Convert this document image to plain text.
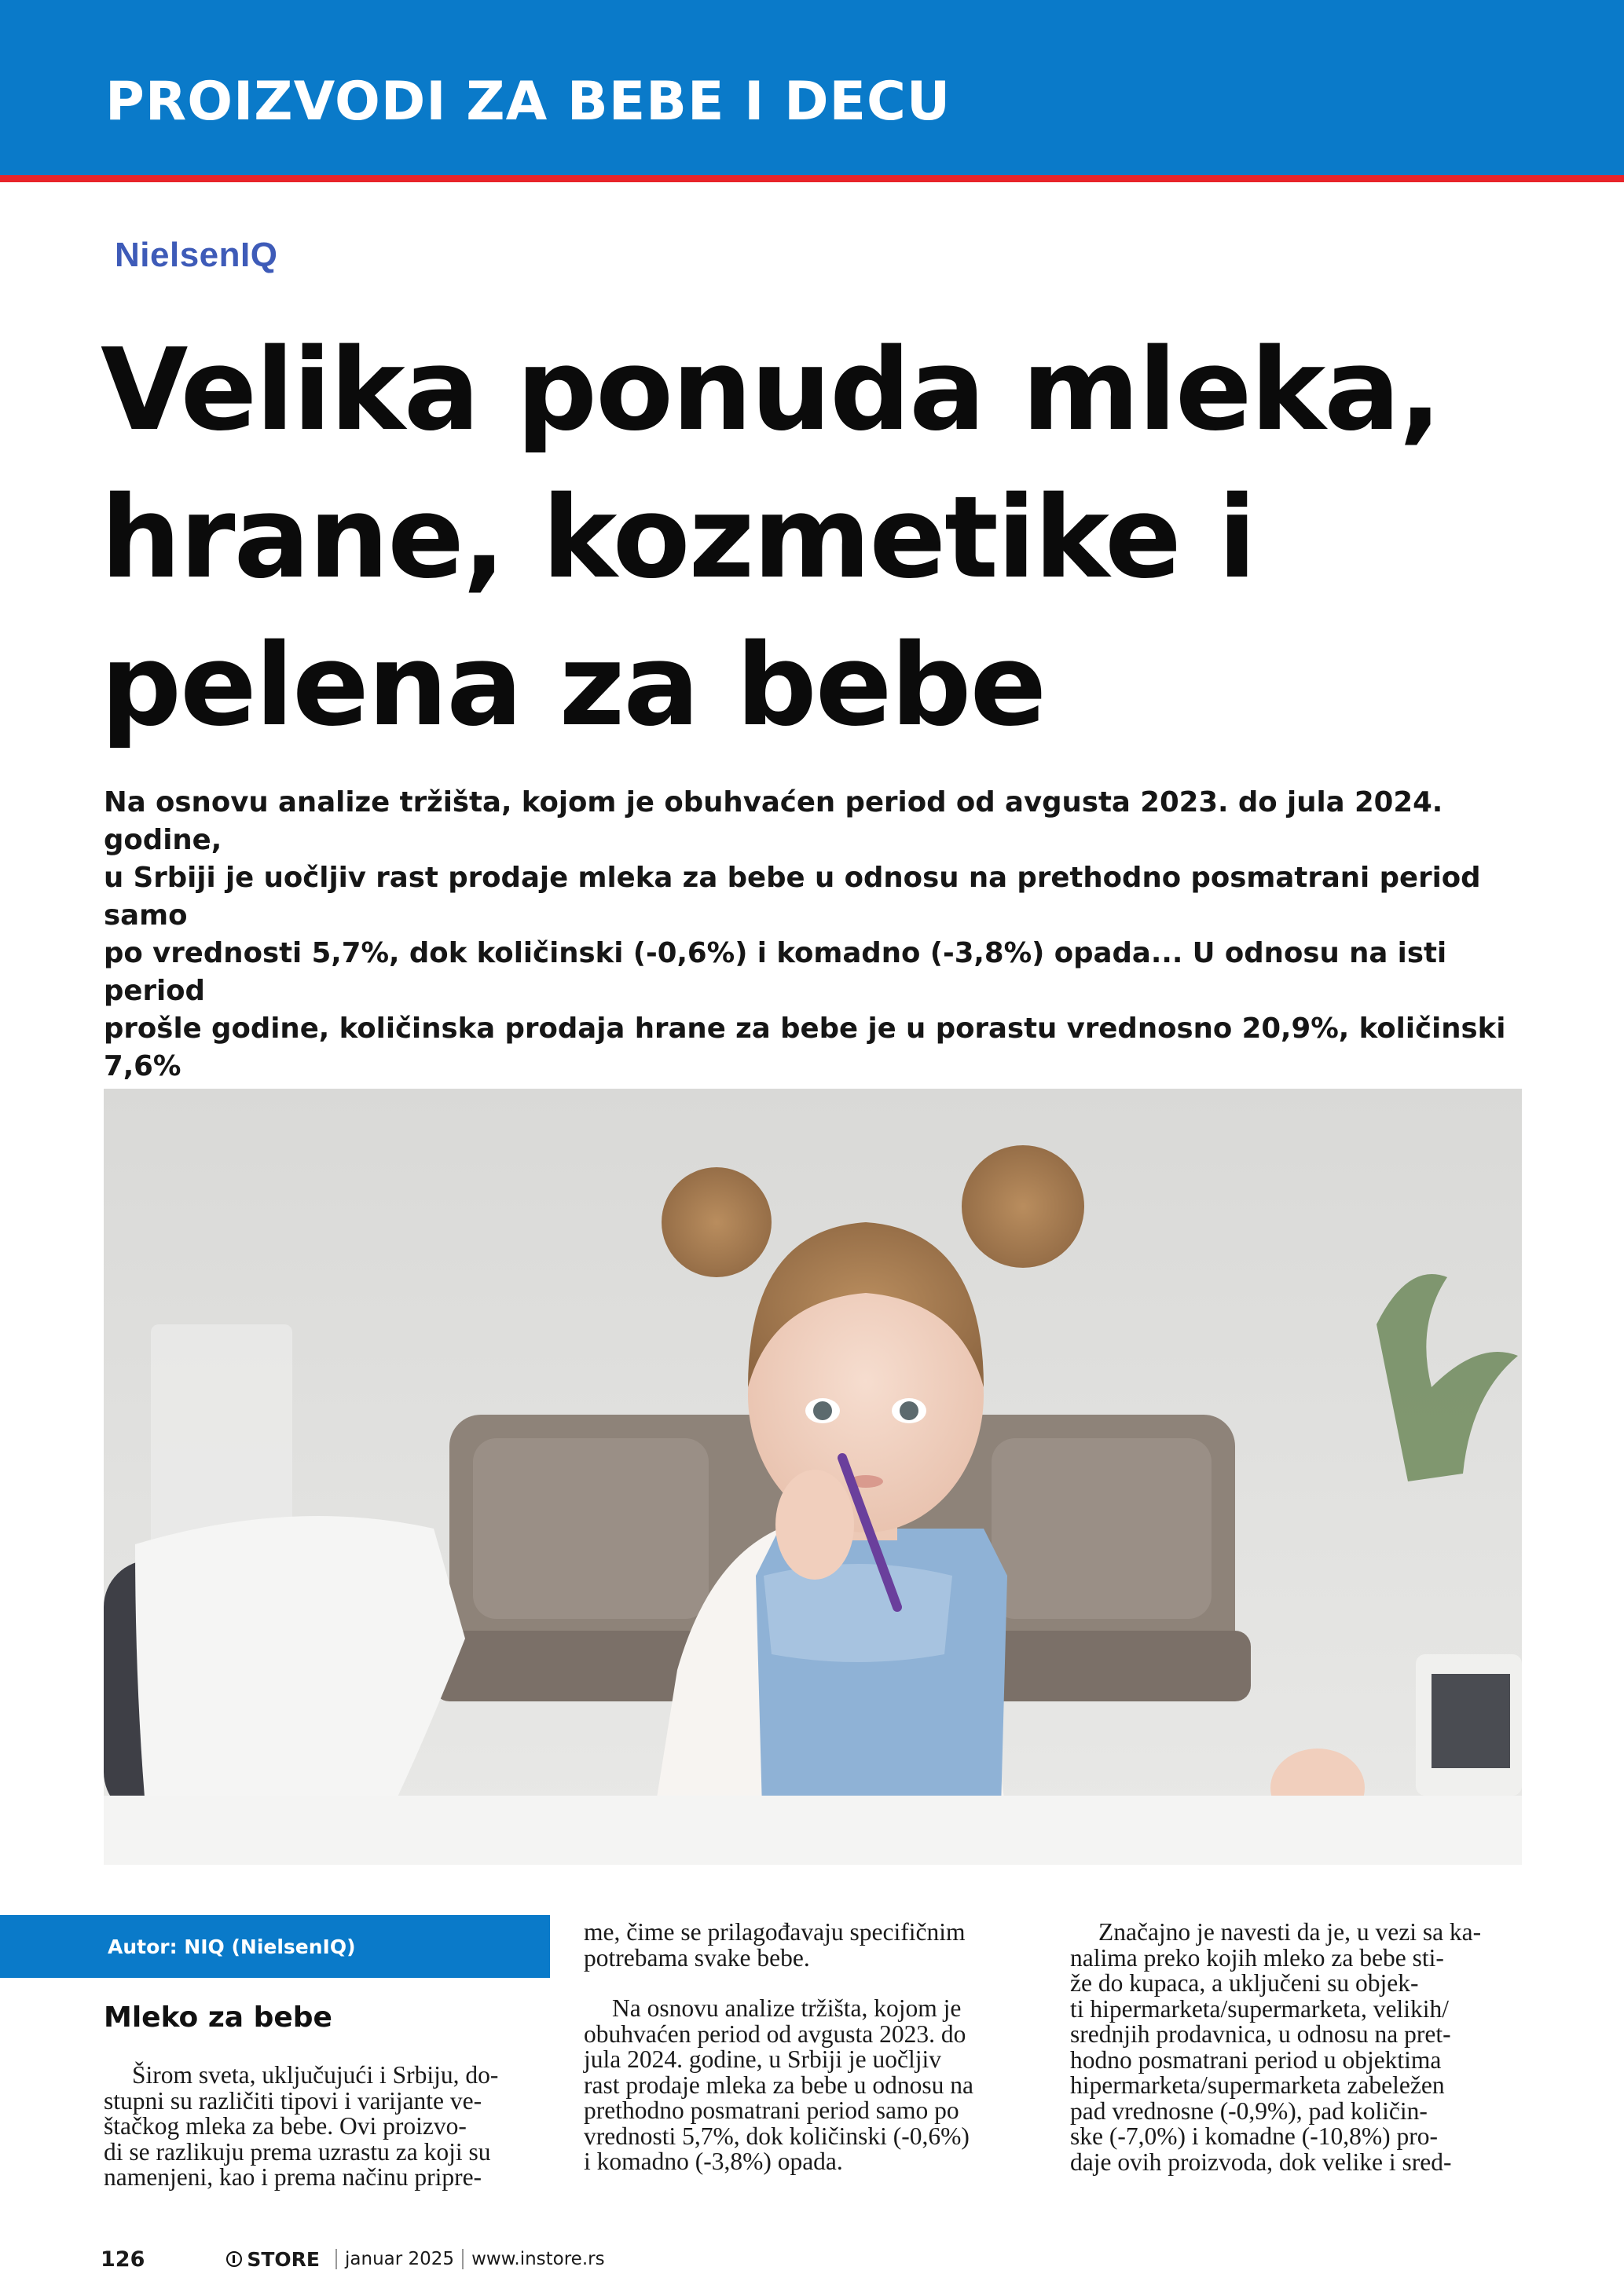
PROIZVODI ZA BEBE I DECU
NielsenIQ
Velika ponuda mleka,
hrane, kozmetike i
pelena za bebe

Na osnovu analize tržišta, kojom je obuhvaćen period od avgusta 2023. do jula 2024. godine,
u Srbiji je uočljiv rast prodaje mleka za bebe u odnosu na prethodno posmatrani period samo
po vrednosti 5,7%, dok količinski (-0,6%) i komadno (-3,8%) opada... U odnosu na isti period
prošle godine, količinska prodaja hrane za bebe je u porastu vrednosno 20,9%, količinski 7,6%

Autor: NIQ (NielsenIQ)
Mleko za bebe

Širom sveta, uključujući i Srbiju, do-
stupni su različiti tipovi i varijante ve-
štačkog mleka za bebe. Ovi proizvo-
di se razlikuju prema uzrastu za koji su
namenjeni, kao i prema načinu pripre-

me, čime se prilagođavaju specifičnim
potrebama svake bebe.

Na osnovu analize tržišta, kojom je
obuhvaćen period od avgusta 2023. do
jula 2024. godine, u Srbiji je uočljiv
rast prodaje mleka za bebe u odnosu na
prethodno posmatrani period samo po
vrednosti 5,7%, dok količinski (-0,6%)
i komadno (-3,8%) opada.

Značajno je navesti da je, u vezi sa ka-
nalima preko kojih mleko za bebe sti-
že do kupaca, a uključeni su objek-
ti hipermarketa/supermarketa, velikih/
srednjih prodavnica, u odnosu na pret-
hodno posmatrani period u objektima
hipermarketa/supermarketa zabeležen
pad vrednosne (-0,9%), pad količin-
ske (-7,0%) i komadne (-10,8%) pro-
daje ovih proizvoda, dok velike i sred-

126	STORE januar 2025 www.instore.rs
